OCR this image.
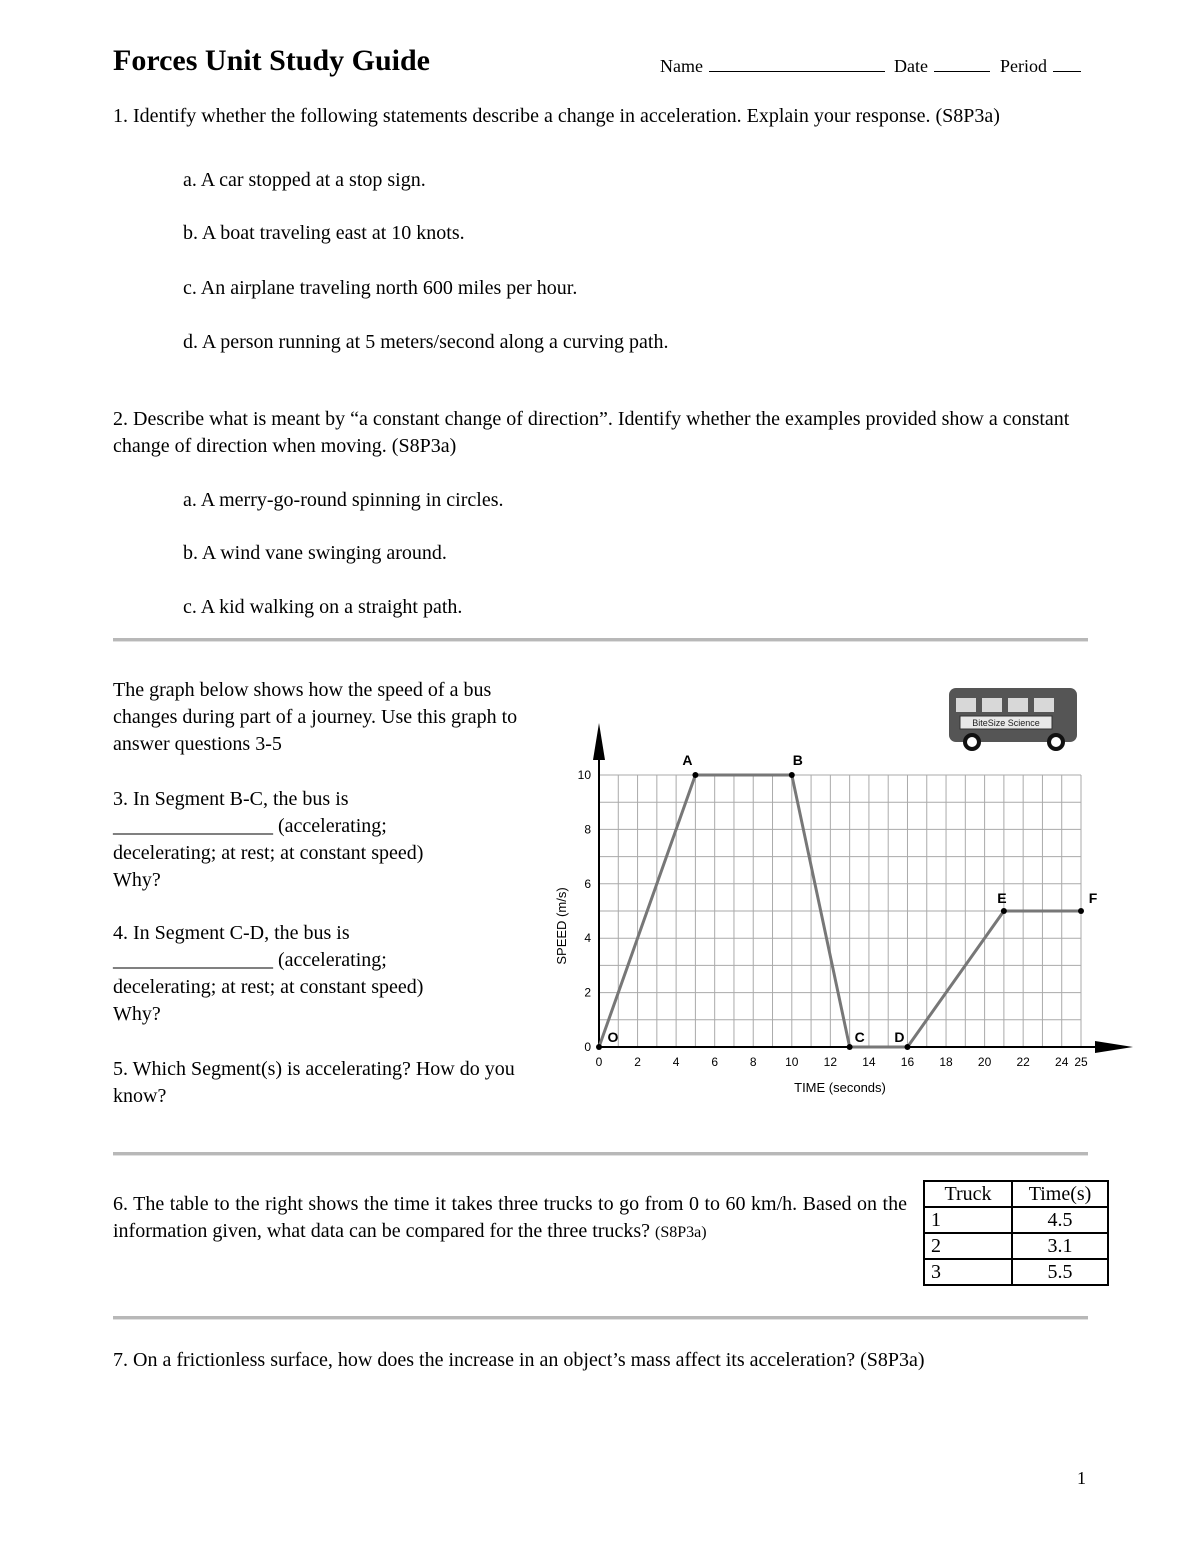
Forces Unit Study Guide	Name	Date	Period
1. Identify whether the following statements describe a change in acceleration. Explain your response. (S8P3a)
a. A car stopped at a stop sign.
b. A boat traveling east at 10 knots.
c. An airplane traveling north 600 miles per hour.
d. A person running at 5 meters/second along a curving path.
2. Describe what is meant by “a constant change of direction”. Identify whether the examples provided show a constant change of direction when moving. (S8P3a)
a. A merry-go-round spinning in circles.
b. A wind vane swinging around.
c. A kid walking on a straight path.
The graph below shows how the speed of a bus changes during part of a journey. Use this graph to answer questions 3-5
3. In Segment B-C, the bus is
________________ (accelerating;
decelerating; at rest; at constant speed)
Why?
4. In Segment C-D, the bus is
________________ (accelerating;
decelerating; at rest; at constant speed)
Why?
5. Which Segment(s) is accelerating? How do you know?
BiteSize Science
0	2	4	6	8 10 12 14 16 18 20 22 24 25
0
2
4
6
8
10
O
A	B
C D
E	F
TIME (seconds)
SPEED (m/s)
6. The table to the right shows the time it takes three trucks to go from 0 to 60 km/h. Based on the information given, what data can be compared for the three trucks? (S8P3a)
Truck	Time(s)
1	4.5
2	3.1
3	5.5
7. On a frictionless surface, how does the increase in an object’s mass affect its acceleration? (S8P3a)
1
